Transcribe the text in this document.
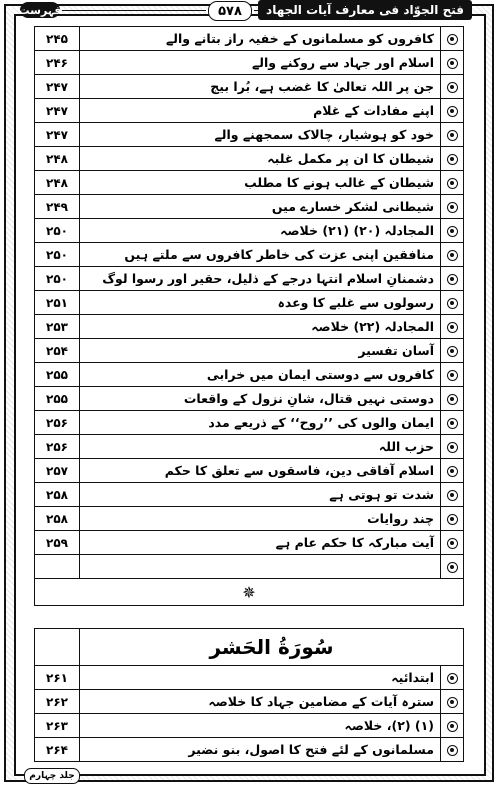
فتح الجوّاد فی معارف آیات الجهاد
۵۷۸
فہرست
۲۴۵	کافروں کو مسلمانوں کے خفیہ راز بتانے والے	
۲۴۶	اسلام اور جہاد سے روکنے والے	
۲۴۷	جن پر اللہ تعالیٰ کا غضب ہے، بُرا بیج	
۲۴۷	اپنے مفادات کے غلام	
۲۴۷	خود کو ہوشیار، چالاک سمجھنے والے	
۲۴۸	شیطان کا ان پر مکمل غلبہ	
۲۴۸	شیطان کے غالب ہونے کا مطلب	
۲۴۹	شیطانی لشکر خسارے میں	
۲۵۰	المجادلہ (۲۰) (۲۱) خلاصہ	
۲۵۰	منافقین اپنی عزت کی خاطر کافروں سے ملتے ہیں	
۲۵۰	دشمنانِ اسلام انتہا درجے کے ذلیل، حقیر اور رسوا لوگ	
۲۵۱	رسولوں سے غلبے کا وعدہ	
۲۵۳	المجادلہ (۲۲) خلاصہ	
۲۵۴	آسان تفسیر	
۲۵۵	کافروں سے دوستی ایمان میں خرابی	
۲۵۵	دوستی نہیں قتال، شانِ نزول کے واقعات	
۲۵۶	ایمان والوں کی ’’روح‘‘ کے ذریعے مدد	
۲۵۶	حزب اللہ	
۲۵۷	اسلام آفاقی دین، فاسقوں سے تعلق کا حکم	
۲۵۸	شدت تو ہوتی ہے	
۲۵۸	چند روایات	
۲۵۹	آیت مبارکہ کا حکم عام ہے	

✵		
	سُورَةُ الحَشر	
۲۶۱	ابتدائیہ	
۲۶۲	سترہ آیات کے مضامین جہاد کا خلاصہ	
۲۶۳	(۱) (۲)، خلاصہ	
۲۶۴	مسلمانوں کے لئے فتح کا اصول، بنو نضیر	
جلد چہارم
